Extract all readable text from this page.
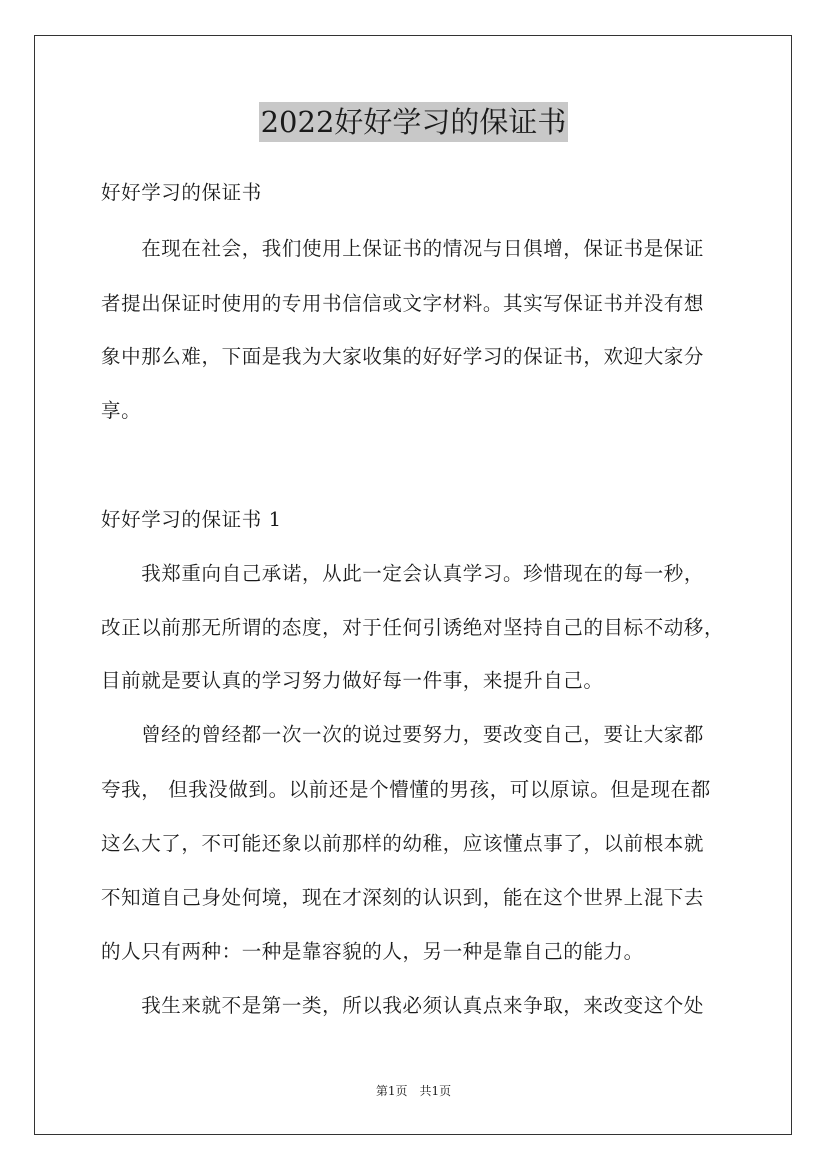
2022好好学习的保证书
好好学习的保证书
　　在现在社会，我们使用上保证书的情况与日俱增，保证书是保证
者提出保证时使用的专用书信信或文字材料。其实写保证书并没有想
象中那么难，下面是我为大家收集的好好学习的保证书，欢迎大家分
享。
好好学习的保证书 1
　　我郑重向自己承诺，从此一定会认真学习。珍惜现在的每一秒，
改正以前那无所谓的态度，对于任何引诱绝对坚持自己的目标不动移，
目前就是要认真的学习努力做好每一件事，来提升自己。
　　曾经的曾经都一次一次的说过要努力，要改变自己，要让大家都
夸我， 但我没做到。以前还是个懵懂的男孩，可以原谅。但是现在都
这么大了，不可能还象以前那样的幼稚，应该懂点事了，以前根本就
不知道自己身处何境，现在才深刻的认识到，能在这个世界上混下去
的人只有两种：一种是靠容貌的人，另一种是靠自己的能力。
　　我生来就不是第一类，所以我必须认真点来争取，来改变这个处
第1页　共1页
